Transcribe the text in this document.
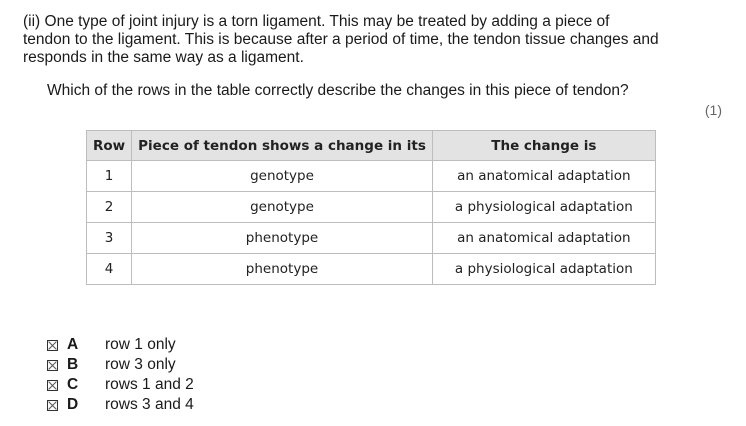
(ii) One type of joint injury is a torn ligament. This may be treated by adding a piece of
tendon to the ligament. This is because after a period of time, the tendon tissue changes and
responds in the same way as a ligament.

Which of the rows in the table correctly describe the changes in this piece of tendon?

(1)
Row	Piece of tendon shows a change in its	The change is
1	genotype	an anatomical adaptation
2	genotype	a physiological adaptation
3	phenotype	an anatomical adaptation
4	phenotype	a physiological adaptation
A	row 1 only
B	row 3 only
C	rows 1 and 2
D	rows 3 and 4
